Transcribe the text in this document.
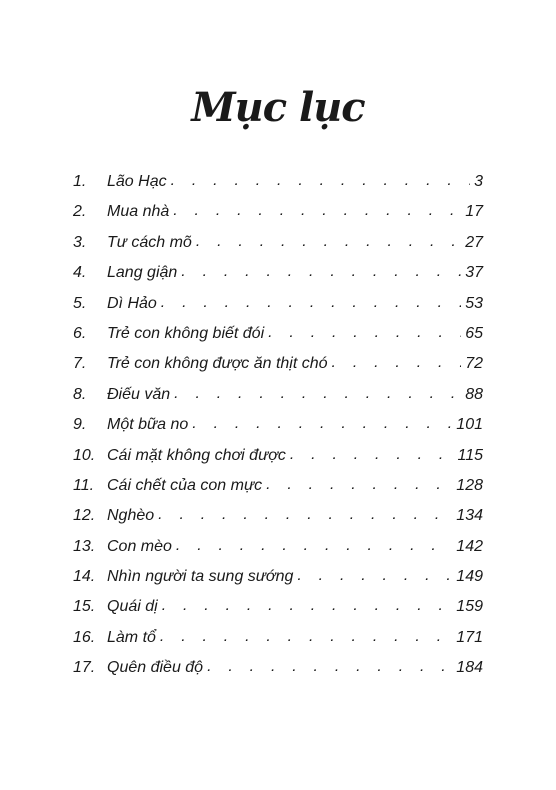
Mục lục
1.	Lão Hạc . . .	3
2.	Mua nhà . . .	17
3.	Tư cách mõ . . .	27
4.	Lang giận . . .	37
5.	Dì Hảo . . .	53
6.	Trẻ con không biết đói . . .	65
7.	Trẻ con không được ăn thịt chó . . .	72
8.	Điếu văn . . .	88
9.	Một bữa no . . .	101
10. Cái mặt không chơi được . . .	115
11. Cái chết của con mực . . .	128
12. Nghèo . . .	134
13. Con mèo . . .	142
14. Nhìn người ta sung sướng . . .	149
15. Quái dị . . .	159
16. Làm tổ . . .	171
17. Quên điều độ . . .	184
